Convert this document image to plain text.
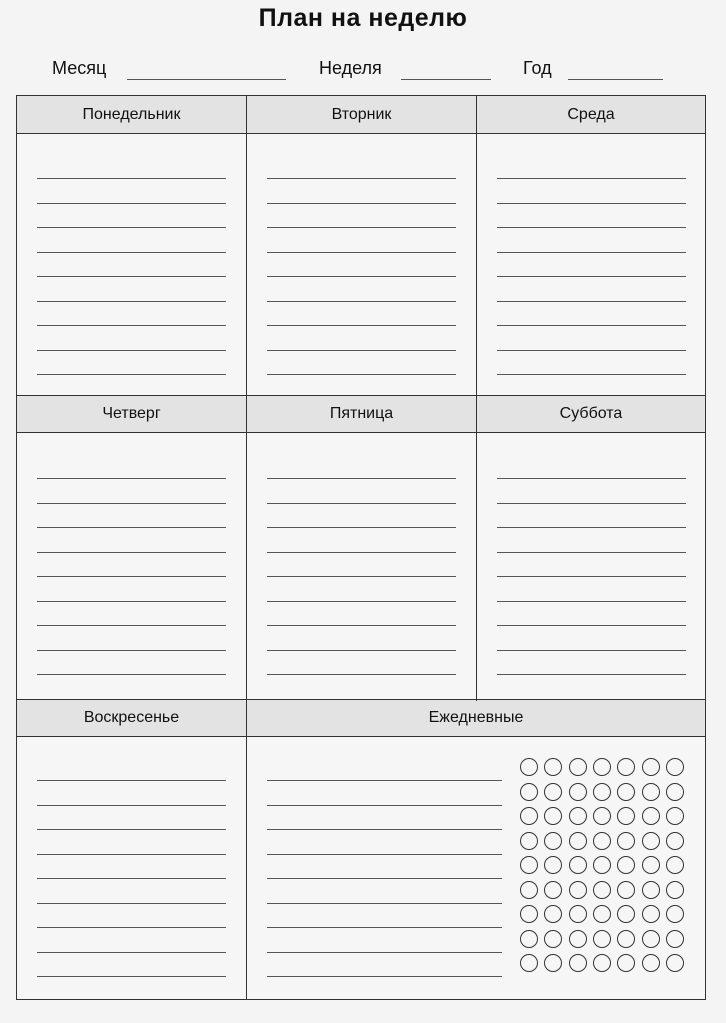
План на неделю
Месяц	Неделя	Год
Понедельник	Вторник	Среда
Четверг	Пятница	Суббота
Воскресенье	Ежедневные
